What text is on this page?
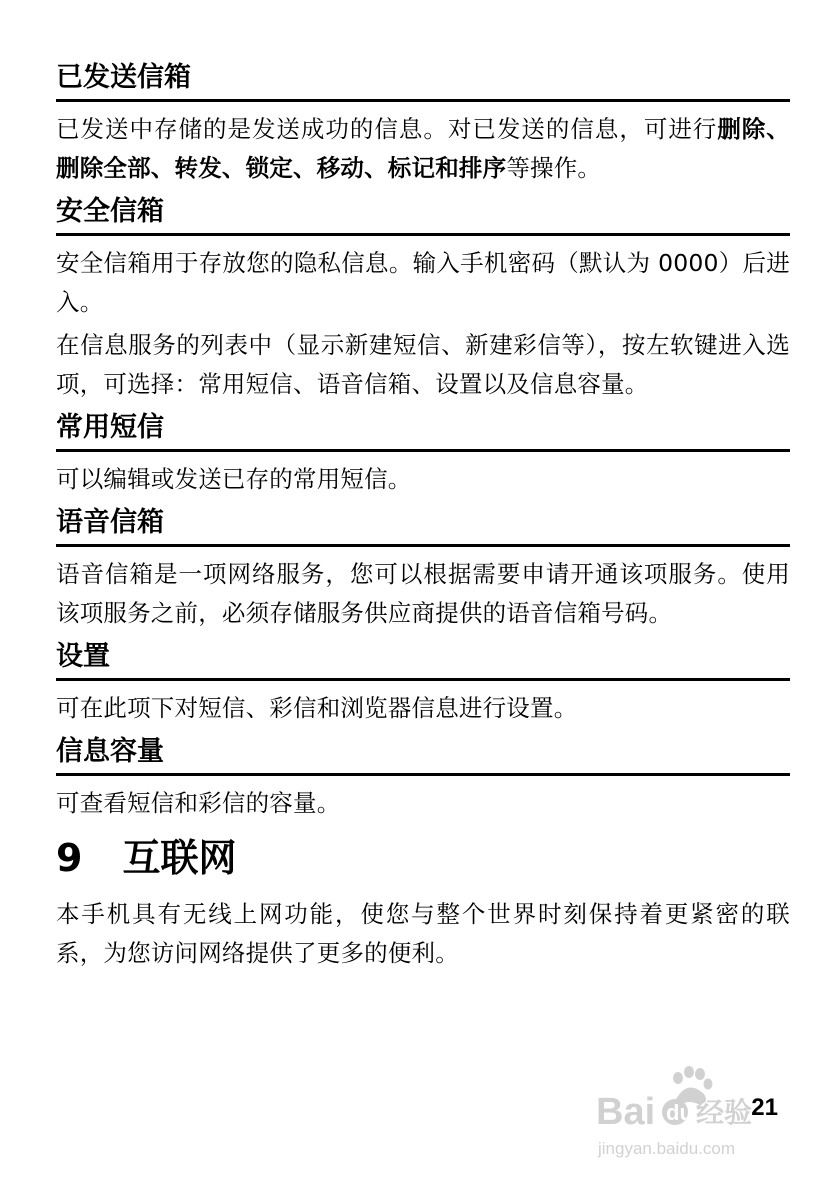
已发送信箱

已发送中存储的是发送成功的信息。对已发送的信息，可进行删除、删除全部、转发、锁定、移动、标记和排序等操作。

安全信箱

安全信箱用于存放您的隐私信息。输入手机密码（默认为 0000）后进入。

在信息服务的列表中（显示新建短信、新建彩信等），按左软键进入选项，可选择：常用短信、语音信箱、设置以及信息容量。

常用短信

可以编辑或发送已存的常用短信。

语音信箱

语音信箱是一项网络服务，您可以根据需要申请开通该项服务。使用该项服务之前，必须存储服务供应商提供的语音信箱号码。

设置

可在此项下对短信、彩信和浏览器信息进行设置。

信息容量

可查看短信和彩信的容量。

9 互联网

本手机具有无线上网功能，使您与整个世界时刻保持着更紧密的联系，为您访问网络提供了更多的便利。

Bai du 经验
jingyan.baidu.com
21
